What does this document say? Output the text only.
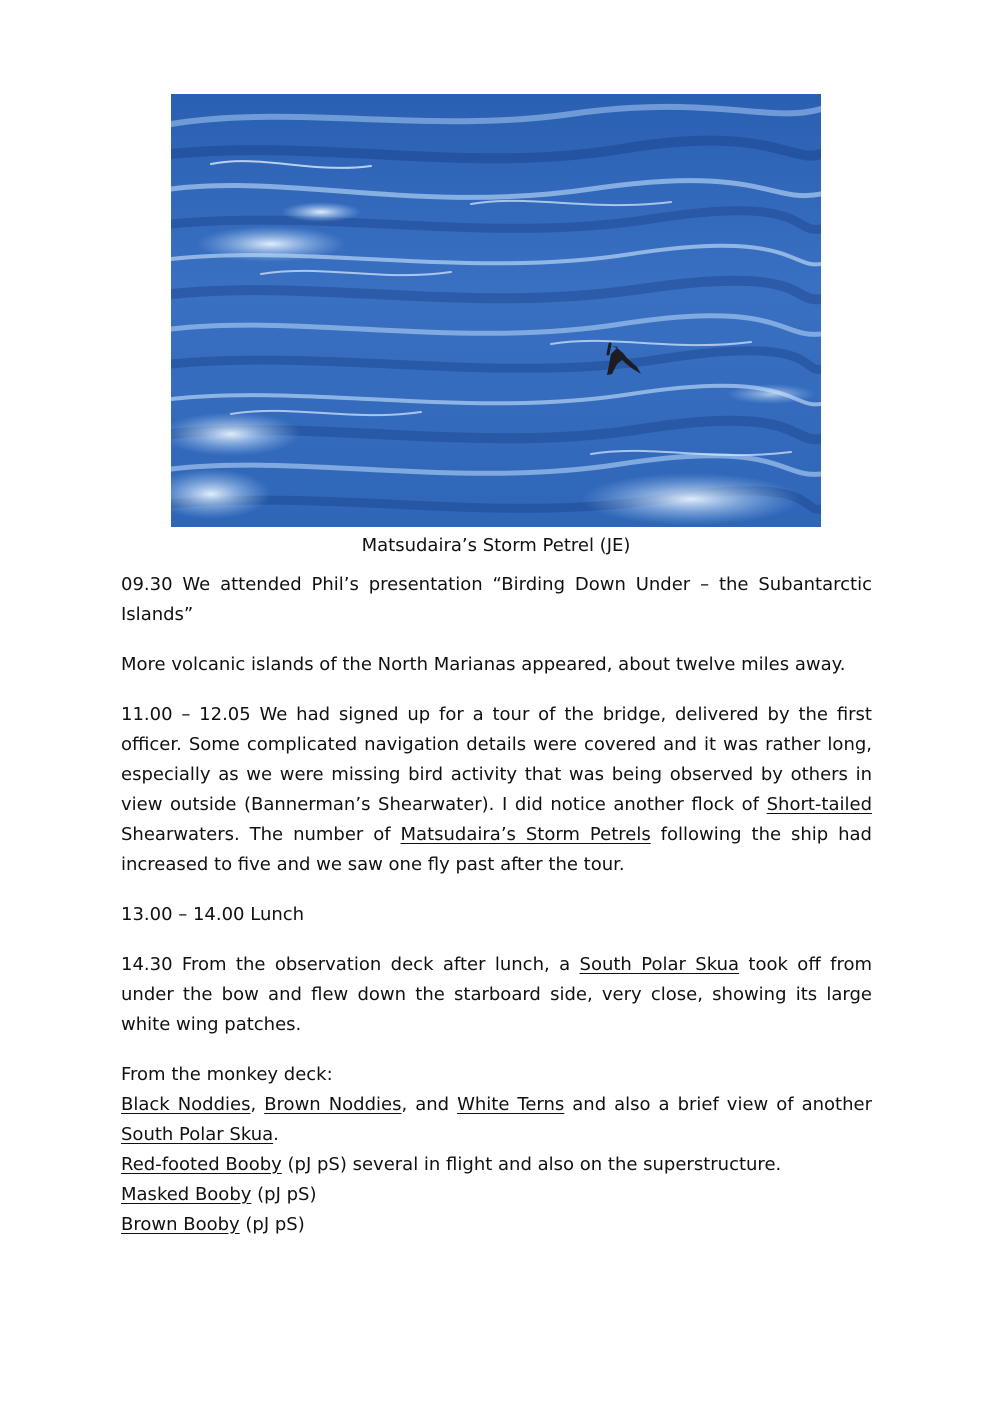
Matsudaira’s Storm Petrel (JE)

09.30 We attended Phil’s presentation “Birding Down Under – the Subantarctic Islands”

More volcanic islands of the North Marianas appeared, about twelve miles away.

11.00 – 12.05 We had signed up for a tour of the bridge, delivered by the first officer. Some complicated navigation details were covered and it was rather long, especially as we were missing bird activity that was being observed by others in view outside (Bannerman’s Shearwater). I did notice another flock of Short-tailed Shearwaters. The number of Matsudaira’s Storm Petrels following the ship had increased to five and we saw one fly past after the tour.

13.00 – 14.00 Lunch

14.30 From the observation deck after lunch, a South Polar Skua took off from under the bow and flew down the starboard side, very close, showing its large white wing patches.

From the monkey deck:
Black Noddies, Brown Noddies, and White Terns and also a brief view of another South Polar Skua.
Red-footed Booby (pJ pS) several in flight and also on the superstructure.
Masked Booby (pJ pS)
Brown Booby (pJ pS)
